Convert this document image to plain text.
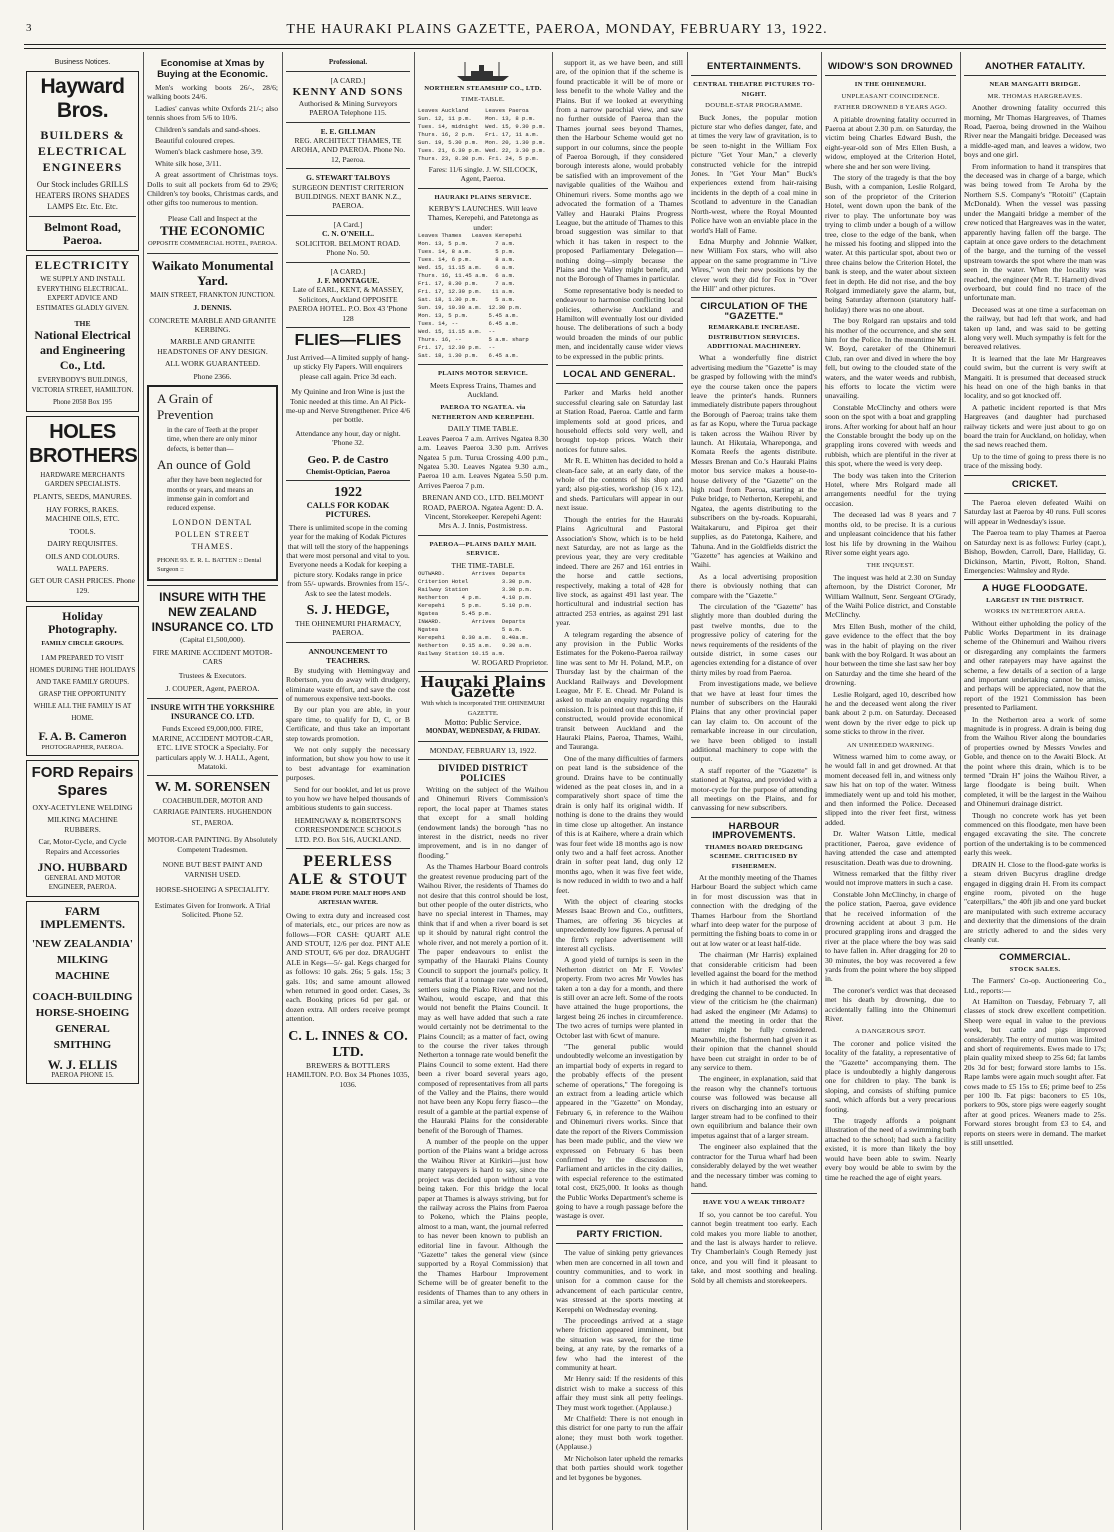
3	THE HAURAKI PLAINS GAZETTE, PAEROA, MONDAY, FEBRUARY 13, 1922.
Business Notices.
Hayward Bros.
BUILDERS & ELECTRICAL ENGINEERS
Our Stock includes GRILLS HEATERS IRONS SHADES LAMPS Etc. Etc. Etc.
Belmont Road, Paeroa.
ELECTRICITY
WE SUPPLY AND INSTALL EVERYTHING ELECTRICAL. EXPERT ADVICE AND ESTIMATES GLADLY GIVEN.
THE
National Electrical and Engineering Co., Ltd.
EVERYBODY'S BUILDINGS, VICTORIA STREET, HAMILTON.
Phone 2058 Box 195
HOLES BROTHERS
HARDWARE MERCHANTS GARDEN SPECIALISTS.
PLANTS, SEEDS, MANURES.
HAY FORKS, RAKES. MACHINE OILS, ETC.
TOOLS.
DAIRY REQUISITES.
OILS AND COLOURS.
WALL PAPERS.
GET OUR CASH PRICES. Phone 129.
Holiday Photography.
FAMILY CIRCLE GROUPS.
I AM PREPARED TO VISIT HOMES DURING THE HOLIDAYS AND TAKE FAMILY GROUPS. GRASP THE OPPORTUNITY WHILE ALL THE FAMILY IS AT HOME.
F. A. B. Cameron
PHOTOGRAPHER, PAEROA.
FORD Repairs Spares
OXY-ACETYLENE WELDING
MILKING MACHINE RUBBERS.
Car, Motor-Cycle, and Cycle Repairs and Accessories
JNO. HUBBARD
GENERAL AND MOTOR ENGINEER, PAEROA.
FARM IMPLEMENTS.
'NEW ZEALANDIA' MILKING MACHINE
COACH-BUILDING HORSE-SHOEING GENERAL SMITHING
W. J. ELLIS
PAEROA PHONE 15.
Economise at Xmas by Buying at the Economic.

Men's working boots 26/-, 28/6; walking boots 24/6.

Ladies' canvas white Oxfords 21/-; also tennis shoes from 5/6 to 10/6.

Children's sandals and sand-shoes.

Beautiful coloured crepes.

Women's black cashmere hose, 3/9.

White silk hose, 3/11.

A great assortment of Christmas toys. Dolls to suit all pockets from 6d to 29/6; Children's toy books, Christmas cards, and other gifts too numerous to mention.

Please Call and Inspect at the
THE ECONOMIC
OPPOSITE COMMERCIAL HOTEL, PAEROA.
Waikato Monumental Yard.
MAIN STREET, FRANKTON JUNCTION.
J. DENNIS.
CONCRETE MARBLE AND GRANITE KERBING.
MARBLE AND GRANITE HEADSTONES OF ANY DESIGN.
ALL WORK GUARANTEED.
Phone 2366.
A Grain of Prevention
in the care of Teeth at the proper time, when there are only minor defects, is better than—
An ounce of Gold
after they have been neglected for months or years, and means an immense gain in comfort and reduced expense.
LONDON DENTAL POLLEN STREET THAMES.
PHONE 93. E. R. L. BATTEN :: Dental Surgeon ::
INSURE WITH THE NEW ZEALAND INSURANCE CO. LTD
(Capital £1,500,000).
FIRE MARINE ACCIDENT MOTOR-CARS
Trustees & Executors.
J. COUPER, Agent, PAEROA.
INSURE WITH THE YORKSHIRE INSURANCE CO. LTD.
Funds Exceed £9,000,000. FIRE, MARINE, ACCIDENT MOTOR-CAR, ETC. LIVE STOCK a Specialty. For particulars apply W. J. HALL, Agent, Matatoki.
W. M. SORENSEN
COACHBUILDER, MOTOR AND CARRIAGE PAINTERS. HUGHENDON ST., PAEROA.
MOTOR-CAR PAINTING. By Absolutely Competent Tradesmen.
NONE BUT BEST PAINT AND VARNISH USED.
HORSE-SHOEING A SPECIALITY.
Estimates Given for Ironwork. A Trial Solicited. Phone 52.
Professional.
[A CARD.]
KENNY AND SONS
Authorised & Mining Surveyors PAEROA Telephone 115.
E. E. GILLMAN
REG. ARCHITECT THAMES, TE AROHA, AND PAEROA. Phone No. 12, Paeroa.
G. STEWART TALBOYS
SURGEON DENTIST CRITERION BUILDINGS. NEXT BANK N.Z., PAEROA.
[A Card.]
C. N. O'NEILL.
SOLICITOR. BELMONT ROAD. Phone No. 50.
[A CARD.]
J. F. MONTAGUE.
Late of EARL, KENT, & MASSEY, Solicitors, Auckland OPPOSITE PAEROA HOTEL. P.O. Box 43 'Phone 128
FLIES—FLIES
Just Arrived—A limited supply of hang-up sticky Fly Papers. Will enquirers please call again. Price 3d each.
My Quinine and Iron Wine is just the Tonic needed at this time. An Al Pick-me-up and Nerve Strengthener. Price 4/6 per bottle.
Attendance any hour, day or night. 'Phone 32.
Geo. P. de Castro
Chemist-Optician, Paeroa
1922
CALLS FOR KODAK PICTURES.
There is unlimited scope in the coming year for the making of Kodak Pictures that will tell the story of the happenings that were most personal and vital to you. Everyone needs a Kodak for keeping a picture story. Kodaks range in price from 55/- upwards. Brownies from 15/-. Ask to see the latest models.
S. J. HEDGE,
THE OHINEMURI PHARMACY, PAEROA.
ANNOUNCEMENT TO TEACHERS.

By studying with Hemingway and Robertson, you do away with drudgery, eliminate waste effort, and save the cost of numerous expensive text-books.

By our plan you are able, in your spare time, to qualify for D, C, or B Certificate, and thus take an important step towards promotion.

We not only supply the necessary information, but show you how to use it to best advantage for examination purposes.

Send for our booklet, and let us prove to you how we have helped thousands of ambitious students to gain success.

HEMINGWAY & ROBERTSON'S CORRESPONDENCE SCHOOLS LTD. P.O. Box 516, AUCKLAND.
PEERLESS ALE & STOUT
MADE FROM PURE MALT HOPS AND ARTESIAN WATER.
Owing to extra duty and increased cost of materials, etc., our prices are now as follows—FOR CASH: QUART ALE AND STOUT, 12/6 per doz. PINT ALE AND STOUT, 6/6 per doz. DRAUGHT ALE in Kegs—5/- gal. Kegs charged for as follows: 10 gals. 26s; 5 gals. 15s; 3 gals. 10s; and same amount allowed when returned in good order. Cases, 3s each. Booking prices 6d per gal. or dozen extra. All orders receive prompt attention.
C. L. INNES & CO. LTD.
BREWERS & BOTTLERS HAMILTON. P.O. Box 34 Phones 1035, 1036.
NORTHERN STEAMSHIP CO., LTD.
TIME-TABLE.
Leaves Auckland     Leaves Paeroa
Sun. 12, 11 p.m.    Mon. 13, 8 p.m.
Tues. 14, midnight  Wed. 15, 9.30 p.m.
Thurs. 16, 2 p.m.   Fri. 17, 11 a.m.
Sun. 19, 5.30 p.m.  Mon. 20, 1.30 p.m.
Tues. 21, 6.30 p.m. Wed. 22, 3.30 p.m.
Thurs. 23, 8.30 p.m. Fri. 24, 5 p.m.
Fares: 11/6 single. J. W. SILCOCK, Agent, Paeroa.
HAURAKI PLAINS SERVICE.
KERBY'S LAUNCHES. Will leave Thames, Kerepehi, and Patetonga as under:
Leaves Thames   Leaves Kerepehi
Mon. 13, 5 p.m.        7 a.m.
Tues. 14, 8 a.m.       5 p.m.
Tues. 14, 6 p.m.       8 a.m.
Wed. 15, 11.15 a.m.    6 a.m.
Thurs. 16, 11.45 a.m.  6 a.m.
Fri. 17, 8.30 p.m.     7 a.m.
Fri. 17, 12.30 p.m.   11 a.m.
Sat. 18, 1.30 p.m.     5 a.m.
Sun. 19, 10.30 a.m.  12.30 p.m.
Mon. 13, 5 p.m.      5.45 a.m.
Tues. 14, --         6.45 a.m.
Wed. 15, 11.15 a.m.  --
Thurs. 16, --        5 a.m. sharp
Fri. 17, 12.30 p.m.  --
Sat. 18, 1.30 p.m.   6.45 a.m.
PLAINS MOTOR SERVICE.
Meets Express Trains, Thames and Auckland.
PAEROA TO NGATEA. via NETHERTON AND KEREPEHI.
DAILY TIME TABLE.
Leaves Paeroa 7 a.m. Arrives Ngatea 8.30 a.m. Leaves Paeroa 3.30 p.m. Arrives Ngatea 5 p.m. Turua Crossing 4.00 p.m., Ngatea 5.30. Leaves Ngatea 9.30 a.m., Paeroa 10 a.m. Leaves Ngatea 5.50 p.m. Arrives Paeroa 7 p.m.
BRENAN AND CO., LTD. BELMONT ROAD, PAEROA. Ngatea Agent: D. A. Vincent, Storekeeper. Kerepehi Agent: Mrs A. J. Innis, Postmistress.
PAEROA—PLAINS DAILY MAIL SERVICE.
THE TIME-TABLE.
OUTWARD.        Arrives  Departs
Criterion Hotel          3.30 p.m.
Railway Station          3.30 p.m.
Netherton    4 p.m.      4.10 p.m.
Kerepehi     5 p.m.      5.10 p.m.
Ngatea       5.45 p.m.
INWARD.         Arrives  Departs
Ngatea                   5 a.m.
Kerepehi     8.30 a.m.   8.40a.m.
Netherton    9.15 a.m.   9.30 a.m.
Railway Station 10.15 a.m.
W. ROGARD Proprietor.
Hauraki Plains Gazette
With which is incorporated THE OHINEMURI GAZETTE.
Motto: Public Service.
MONDAY, WEDNESDAY, & FRIDAY.
MONDAY, FEBRUARY 13, 1922.
DIVIDED DISTRICT POLICIES

Writing on the subject of the Waihou and Ohinemuri Rivers Commission's report, the local paper at Thames states that except for a small holding (endowment lands) the borough "has no interest in the district, needs no river improvement, and is in no danger of flooding."

As the Thames Harbour Board controls the greatest revenue producing part of the Waihou River, the residents of Thames do not desire that this control should be lost, but other people of the outer districts, who have no special interest in Thames, may think that if and when a river board is set up it should by natural right control the whole river, and not merely a portion of it. The paper endeavours to enlist the sympathy of the Hauraki Plains County Council to support the journal's policy. It remarks that if a tonnage rate were levied, settlers using the Piako River, and not the Waihou, would escape, and that this would not benefit the Plains Council. It may as well have added that such a rate would certainly not be detrimental to the Plains Council; as a matter of fact, owing to the course the river takes through Netherton a tonnage rate would benefit the Plains Council to some extent. Had there been a river board several years ago, composed of representatives from all parts of the Valley and the Plains, there would not have been any Kopu ferry fiasco—the result of a gamble at the partial expense of the Hauraki Plains for the considerable benefit of the Borough of Thames.

A number of the people on the upper portion of the Plains want a bridge across the Waihou River at Kirikiri—just how many ratepayers is hard to say, since the project was decided upon without a vote being taken. For this bridge the local paper at Thames is always striving, but for the railway across the Plains from Paeroa to Pokeno, which the Plains people, almost to a man, want, the journal referred to has never been known to publish an editorial line in favour. Although the "Gazette" takes the general view (since supported by a Royal Commission) that the Thames Harbour Improvement Scheme will be of greater benefit to the residents of Thames than to any others in a similar area, yet we

support it, as we have been, and still are, of the opinion that if the scheme is found practicable it will be of more or less benefit to the whole Valley and the Plains. But if we looked at everything from a narrow parochial view, and saw no further outside of Paeroa than the Thames journal sees beyond Thames, then the Harbour Scheme would get no support in our columns, since the people of Paeroa Borough, if they considered borough interests alone, would probably be satisfied with an improvement of the navigable qualities of the Waihou and Ohinemuri rivers. Some months ago we advocated the formation of a Thames Valley and Hauraki Plains Progress League, but the attitude of Thames to this broad suggestion was similar to that which it has taken in respect to the proposed Parliamentary Delegation—nothing doing—simply because the Plains and the Valley might benefit, and not the Borough of Thames in particular.

Some representative body is needed to endeavour to harmonise conflicting local policies, otherwise Auckland and Hamilton will eventually lost our divided house. The deliberations of such a body would broaden the minds of our public men, and incidentally cause wider views to be expressed in the public prints.

LOCAL AND GENERAL.

Parker and Marks held another successful clearing sale on Saturday last at Station Road, Paeroa. Cattle and farm implements sold at good prices, and household effects sold very well, and brought top-top prices. Watch their notices for future sales.

Mr R. E. Whitten has decided to hold a clean-face sale, at an early date, of the whole of the contents of his shop and yard; also pig-sties, workshop (16 x 12), and sheds. Particulars will appear in our next issue.

Though the entries for the Hauraki Plains Agricultural and Pastoral Association's Show, which is to be held next Saturday, are not as large as the previous year, they are very creditable indeed. There are 267 and 161 entries in the horse and cattle sections, respectively, making a total of 428 for live stock, as against 491 last year. The horticultural and industrial section has attracted 253 entries, as against 291 last year.

A telegram regarding the absence of any provision in the Public Works Estimates for the Pokeno-Paeroa railway line was sent to Mr H. Poland, M.P., on Thursday last by the chairman of the Auckland Railways and Development League, Mr F. E. Chead. Mr Poland is asked to make an enquiry regarding this omission. It is pointed out that this line, if constructed, would provide economical transit between Auckland and the Hauraki Plains, Paeroa, Thames, Waihi, and Tauranga.

One of the many difficulties of farmers on peat land is the subsidence of the ground. Drains have to be continually widened as the peat closes in, and in a comparatively short space of time the drain is only half its original width. If nothing is done to the drains they would in time close up altogether. An instance of this is at Kaihere, where a drain which was four feet wide 18 months ago is now only two and a half feet across. Another drain in softer peat land, dug only 12 months ago, when it was five feet wide, is now reduced in width to two and a half feet.

With the object of clearing stocks Messrs Isaac Brown and Co., outfitters, Thames, are offering 36 bicycles at unprecedentedly low figures. A perusal of the firm's replace advertisement will interest all cyclists.

A good yield of turnips is seen in the Netherton district on Mr F. Vowles' property. From two acres Mr Vowles has taken a ton a day for a month, and there is still over an acre left. Some of the roots have attained the huge proportions, the largest being 26 inches in circumference. The two acres of turnips were planted in October last with 6cwt of manure.

"The general public would undoubtedly welcome an investigation by an impartial body of experts in regard to the probably effects of the present scheme of operations," The foregoing is an extract from a leading article which appeared in the "Gazette" on Monday, February 6, in reference to the Waihou and Ohinemuri rivers works. Since that date the report of the Rivers Commission has been made public, and the view we expressed on February 6 has been confirmed by the discussion in Parliament and articles in the city dailies, with especial reference to the estimated total cost, £625,000. It looks as though the Public Works Department's scheme is going to have a rough passage before the wastage is over.

PARTY FRICTION.

The value of sinking petty grievances when men are concerned in all town and country communities, and to work in unison for a common cause for the advancement of each particular centre, was stressed at the sports meeting at Kerepehi on Wednesday evening.

The proceedings arrived at a stage where friction appeared imminent, but the situation was saved, for the time being, at any rate, by the remarks of a few who had the interest of the community at heart.

Mr Henry said: If the residents of this district wish to make a success of this affair they must sink all petty feelings. They must work together. (Applause.)

Mr Chalfield: There is not enough in this district for one party to run the affair alone; they must both work together. (Applause.)

Mr Nicholson later upheld the remarks that both parties should work together and let bygones be bygones.

ENTERTAINMENTS.
CENTRAL THEATRE PICTURES TO-NIGHT.
DOUBLE-STAR PROGRAMME.

Buck Jones, the popular motion picture star who defies danger, fate, and at times the very law of gravitation, is to be seen to-night in the William Fox picture "Get Your Man," a cleverly constructed vehicle for the intrepid Jones. In "Get Your Man" Buck's experiences extend from hair-raising incidents in the depth of a coal mine in Scotland to adventure in the Canadian North-west, where the Royal Mounted Police have won an enviable place in the world's Hall of Fame.

Edna Murphy and Johnnie Walker, new William Fox stars, who will also appear on the same programme in "Live Wires," won their new positions by the clever work they did for Fox in "Over the Hill" and other pictures.

CIRCULATION OF THE "GAZETTE."
REMARKABLE INCREASE. DISTRIBUTION SERVICES. ADDITIONAL MACHINERY.

What a wonderfully fine district advertising medium the "Gazette" is may be grasped by following with the mind's eye the course taken once the papers leave the printer's hands. Runners immediately distribute papers throughout the Borough of Paeroa; trains take them as far as Kopu, where the Turua package is taken across the Waihou River by launch. At Hikutaia, Whareponga, and Komata Reefs the agents distribute. Messrs Brenan and Co.'s Hauraki Plains motor bus service makes a house-to-house delivery of the "Gazette" on the high road from Paeroa, starting at the Puke bridge, to Netherton, Kerepehi, and Ngatea, the agents distributing to the subscribers on the by-roads. Kopuarahi, Waitakaruru, and Pipiroa get their supplies, as do Patetonga, Kaihere, and Tahuna. And in the Goldfields district the "Gazette" has agencies at Waikino and Waihi.

As a local advertising proposition there is obviously nothing that can compare with the "Gazette."

The circulation of the "Gazette" has slightly more than doubled during the past twelve months, due to the progressive policy of catering for the news requirements of the residents of the outside district, in some cases our agencies extending for a distance of over thirty miles by road from Paeroa.

From investigations made, we believe that we have at least four times the number of subscribers on the Hauraki Plains that any other provincial paper can lay claim to. On account of the remarkable increase in our circulation, we have been obliged to install additional machinery to cope with the output.

A staff reporter of the "Gazette" is stationed at Ngatea, and provided with a motor-cycle for the purpose of attending all meetings on the Plains, and for canvassing for new subscribers.

HARBOUR IMPROVEMENTS.
THAMES BOARD DREDGING SCHEME. CRITICISED BY FISHERMEN.

At the monthly meeting of the Thames Harbour Board the subject which came in for most discussion was that in connection with the dredging of the Thames Harbour from the Shortland wharf into deep water for the purpose of permitting the fishing boats to come in or out at low water or at least half-tide.

The chairman (Mr Harris) explained that considerable criticism had been levelled against the board for the method in which it had authorised the work of dredging the channel to be conducted. In view of the criticism he (the chairman) had asked the engineer (Mr Adams) to attend the meeting in order that the matter might be fully considered. Meanwhile, the fishermen had given it as their opinion that the channel should have been cut straight in order to be of any service to them.

The engineer, in explanation, said that the reason why the channel's tortuous course was followed was because all rivers on discharging into an estuary or larger stream had to be confined to their own equilibrium and balance their own impetus against that of a larger stream.

The engineer also explained that the contractor for the Turua wharf had been considerably delayed by the wet weather and the necessary timber was coming to hand.

HAVE YOU A WEAK THROAT?

If so, you cannot be too careful. You cannot begin treatment too early. Each cold makes you more liable to another, and the last is always harder to relieve. Try Chamberlain's Cough Remedy just once, and you will find it pleasant to take, and most soothing and healing. Sold by all chemists and storekeepers.

WIDOW'S SON DROWNED
IN THE OHINEMURI.
UNPLEASANT COINCIDENCE.
FATHER DROWNED 8 YEARS AGO.

A pitiable drowning fatality occurred in Paeroa at about 2.30 p.m. on Saturday, the victim being Charles Edward Bush, the eight-year-old son of Mrs Ellen Bush, a widow, employed at the Criterion Hotel, where she and her son were living.

The story of the tragedy is that the boy Bush, with a companion, Leslie Rolgard, son of the proprietor of the Criterion Hotel, went down upon the bank of the river to play. The unfortunate boy was trying to climb under a bough of a willow tree, close to the edge of the bank, when he missed his footing and slipped into the water. At this particular spot, about two or three chains below the Criterion Hotel, the bank is steep, and the water about sixteen feet in depth. He did not rise, and the boy Rolgard immediately gave the alarm, but, being Saturday afternoon (statutory half-holiday) there was no one about.

The boy Rolgard ran upstairs and told his mother of the occurrence, and she sent him for the Police. In the meantime Mr H. W. Boyd, caretaker of the Ohinemuri Club, ran over and dived in where the boy fell, but owing to the clouded state of the waters, and the water weeds and rubbish, his efforts to locate the victim were unavailing.

Constable McClinchy and others were soon on the spot with a boat and grappling irons. After working for about half an hour the Constable brought the body up on the grappling irons covered with weeds and rubbish, which are plentiful in the river at this spot, where the weed is very deep.

The body was taken into the Criterion Hotel, where Mrs Rolgard made all arrangements needful for the trying occasion.

The deceased lad was 8 years and 7 months old, to be precise. It is a curious and unpleasant coincidence that his father lost his life by drowning in the Waihou River some eight years ago.

THE INQUEST.

The inquest was held at 2.30 on Sunday afternoon, by the District Coroner, Mr William Wallnutt, Senr. Sergeant O'Grady, of the Waihi Police district, and Constable McClinchy.

Mrs Ellen Bush, mother of the child, gave evidence to the effect that the boy was in the habit of playing on the river bank with the boy Rolgard. It was about an hour between the time she last saw her boy on Saturday and the time she heard of the drowning.

Leslie Rolgard, aged 10, described how he and the deceased went along the river bank about 2 p.m. on Saturday. Deceased went down by the river edge to pick up some sticks to throw in the river.

AN UNHEEDED WARNING.

Witness warned him to come away, or he would fall in and get drowned. At that moment deceased fell in, and witness only saw his hat on top of the water. Witness immediately went up and told his mother, and then informed the Police. Deceased slipped into the river feet first, witness added.

Dr. Walter Watson Little, medical practitioner, Paeroa, gave evidence of having attended the case and attempted resuscitation. Death was due to drowning.

Witness remarked that the filthy river would not improve matters in such a case.

Constable John McClinchy, in charge of the police station, Paeroa, gave evidence that he received information of the drowning accident at about 3 p.m. He procured grappling irons and dragged the river at the place where the boy was said to have fallen in. After dragging for 20 to 30 minutes, the boy was recovered a few yards from the point where the boy slipped in.

The coroner's verdict was that deceased met his death by drowning, due to accidentally falling into the Ohinemuri River.

A DANGEROUS SPOT.

The coroner and police visited the locality of the fatality, a representative of the "Gazette" accompanying them. The place is undoubtedly a highly dangerous one for children to play. The bank is sloping, and consists of shifting pumice sand, which affords but a very precarious footing.

The tragedy affords a poignant illustration of the need of a swimming bath attached to the school; had such a facility existed, it is more than likely the boy would have been able to swim. Nearly every boy would be able to swim by the time he reached the age of eight years.

ANOTHER FATALITY.
NEAR MANGAITI BRIDGE.
MR. THOMAS HARGREAVES.

Another drowning fatality occurred this morning, Mr Thomas Hargreaves, of Thames Road, Paeroa, being drowned in the Waihou River near the Mangaiti bridge. Deceased was a middle-aged man, and leaves a widow, two boys and one girl.

From information to hand it transpires that the deceased was in charge of a barge, which was being towed from Te Aroha by the Northern S.S. Company's "Rotoiti" (Captain McDonald). When the vessel was passing under the Mangaiti bridge a member of the crew noticed that Hargreaves was in the water, apparently having fallen off the barge. The captain at once gave orders to the detachment of the barge, and the turning of the vessel upstream towards the spot where the man was seen in the water. When the locality was reached, the engineer (Mr R. T. Harnett) dived overboard, but could find no trace of the unfortunate man.

Deceased was at one time a surfaceman on the railway, but had left that work, and had taken up land, and was said to be getting along very well. Much sympathy is felt for the bereaved relatives.

It is learned that the late Mr Hargreaves could swim, but the current is very swift at Mangaiti. It is presumed that deceased struck his head on one of the high banks in that locality, and so got knocked off.

A pathetic incident reported is that Mrs Hargreaves (and daughter had purchased railway tickets and were just about to go on board the train for Auckland, on holiday, when the sad news reached them.

Up to the time of going to press there is no trace of the missing body.

CRICKET.

The Paeroa eleven defeated Waihi on Saturday last at Paeroa by 40 runs. Full scores will appear in Wednesday's issue.

The Paeroa team to play Thames at Paeroa on Saturday next is as follows: Furley (capt.), Bishop, Bowden, Carroll, Dare, Halliday, G. Dickinson, Martin, Pivott, Rolton, Shand. Emergencies: Walmsley and Ryde.

A HUGE FLOODGATE.
LARGEST IN THE DISTRICT.
WORKS IN NETHERTON AREA.

Without either upholding the policy of the Public Works Department in its drainage scheme of the Ohinemuri and Waihou rivers or disregarding any complaints the farmers and other ratepayers may have against the scheme, a few details of a section of a large and important undertaking cannot be amiss, and perhaps will be appreciated, now that the report of the 1921 Commission has been presented to Parliament.

In the Netherton area a work of some magnitude is in progress. A drain is being dug from the Waihou River along the boundaries of properties owned by Messrs Vowles and Goble, and thence on to the Awaiti Block. At the point where this drain, which is to be termed "Drain H" joins the Waihou River, a large floodgate is being built. When completed, it will be the largest in the Waihou and Ohinemuri drainage district.

Though no concrete work has yet been commenced on this floodgate, men have been engaged excavating the site. The concrete portion of the undertaking is to be commenced early this week.

DRAIN H. Close to the flood-gate works is a steam driven Bucyrus dragline dredge engaged in digging drain H. From its compact engine room, pivoted on the huge "caterpillars," the 40ft jib and one yard bucket are manipulated with such extreme accuracy and dexterity that the dimensions of the drain are strictly adhered to and the sides very cleanly cut.

COMMERCIAL.
STOCK SALES.

The Farmers' Co-op. Auctioneering Co., Ltd., reports:—

At Hamilton on Tuesday, February 7, all classes of stock drew excellent competition. Sheep were equal in value to the previous week, but cattle and pigs improved considerably. The entry of mutton was limited and short of requirements. Ewes made to 17s; plain quality mixed sheep to 25s 6d; fat lambs 20s 3d for best; forward store lambs to 15s. Rape lambs were again much sought after. Fat cows made to £5 15s to £6; prime beef to 25s per 100 lb. Fat pigs: baconers to £5 10s, porkers to 90s, store pigs were eagerly sought after at good prices. Weaners made to 25s. Forward stores brought from £3 to £4, and reports on steers were in demand. The market is still unsettled.
